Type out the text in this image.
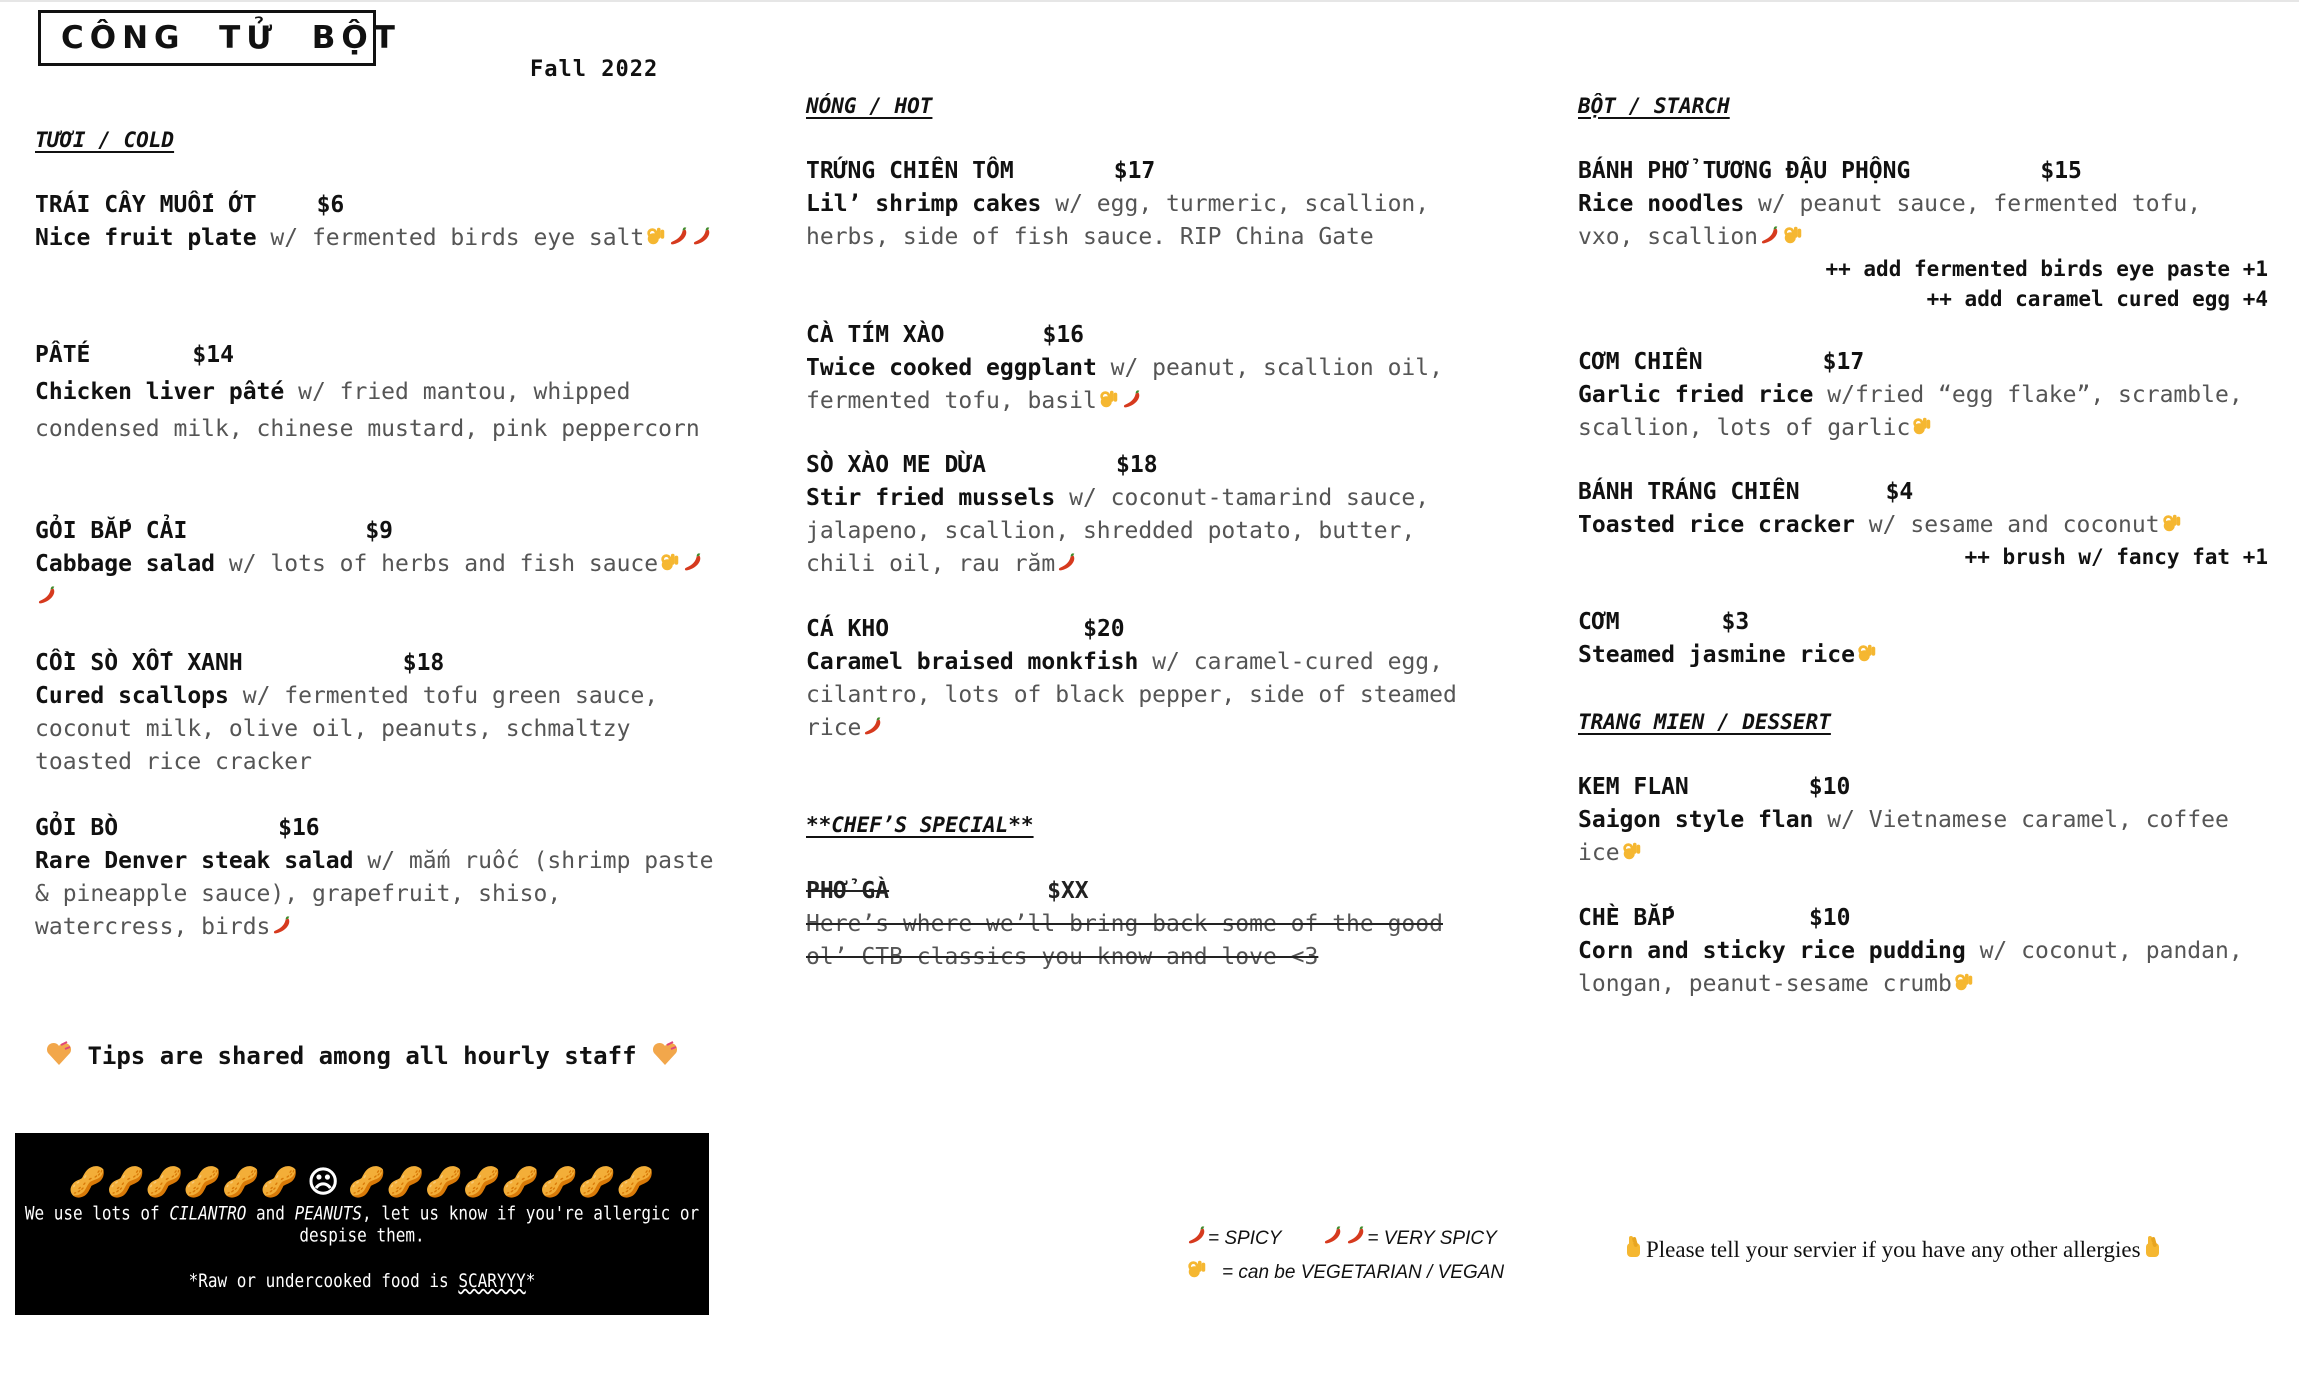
CÔNG  TỬ  BỘT
Fall 2022
TƯƠI / COLD
TRÁI CÂY MUỐI ỚT	$6
Nice fruit plate w/ fermented birds eye salt
PÂTÉ	$14
Chicken liver pâté w/ fried mantou, whipped condensed milk, chinese mustard, pink peppercorn
GỎI BẮP CẢI	$9
Cabbage salad w/ lots of herbs and fish sauce
CỒI SÒ XỐT XANH	$18
Cured scallops w/ fermented tofu green sauce, coconut milk, olive oil, peanuts, schmaltzy toasted rice cracker
GỎI BÒ	$16
Rare Denver steak salad w/ mắm ruốc (shrimp paste & pineapple sauce), grapefruit, shiso, watercress, birds
NÓNG / HOT
TRỨNG CHIÊN TÔM	$17
Lil’ shrimp cakes w/ egg, turmeric, scallion, herbs, side of fish sauce. RIP China Gate
CÀ TÍM XÀO	$16
Twice cooked eggplant w/ peanut, scallion oil, fermented tofu, basil
SÒ XÀO ME DỪA	$18
Stir fried mussels w/ coconut-tamarind sauce, jalapeno, scallion, shredded potato, butter, chili oil, rau răm
CÁ KHO	$20
Caramel braised monkfish w/ caramel-cured egg, cilantro, lots of black pepper, side of steamed rice
**CHEF’S SPECIAL**
PHỞ GÀ	$XX
Here’s where we’ll bring back some of the good ol’ CTB classics you know and love <3
BỘT / STARCH
BÁNH PHỞ TƯƠNG ĐẬU PHỘNG	$15
Rice noodles w/ peanut sauce, fermented tofu, vxo, scallion
++ add fermented birds eye paste +1
++ add caramel cured egg +4
CƠM CHIÊN	$17
Garlic fried rice w/fried “egg flake”, scramble, scallion, lots of garlic
BÁNH TRÁNG CHIÊN	$4
Toasted rice cracker w/ sesame and coconut
++ brush w/ fancy fat +1
CƠM	$3
Steamed jasmine rice
TRANG MIEN / DESSERT
KEM FLAN	$10
Saigon style flan w/ Vietnamese caramel, coffee ice
CHÈ BẮP	$10
Corn and sticky rice pudding w/ coconut, pandan, longan, peanut-sesame crumb
Tips are shared among all hourly staff
🥜🥜🥜🥜🥜🥜 ☹ 🥜🥜🥜🥜🥜🥜🥜🥜
We use lots of CILANTRO and PEANUTS, let us know if you're allergic or despise them.
*Raw or undercooked food is SCARYYY*
= SPICY	= VERY SPICY
= can be VEGETARIAN / VEGAN
Please tell your servier if you have any other allergies
